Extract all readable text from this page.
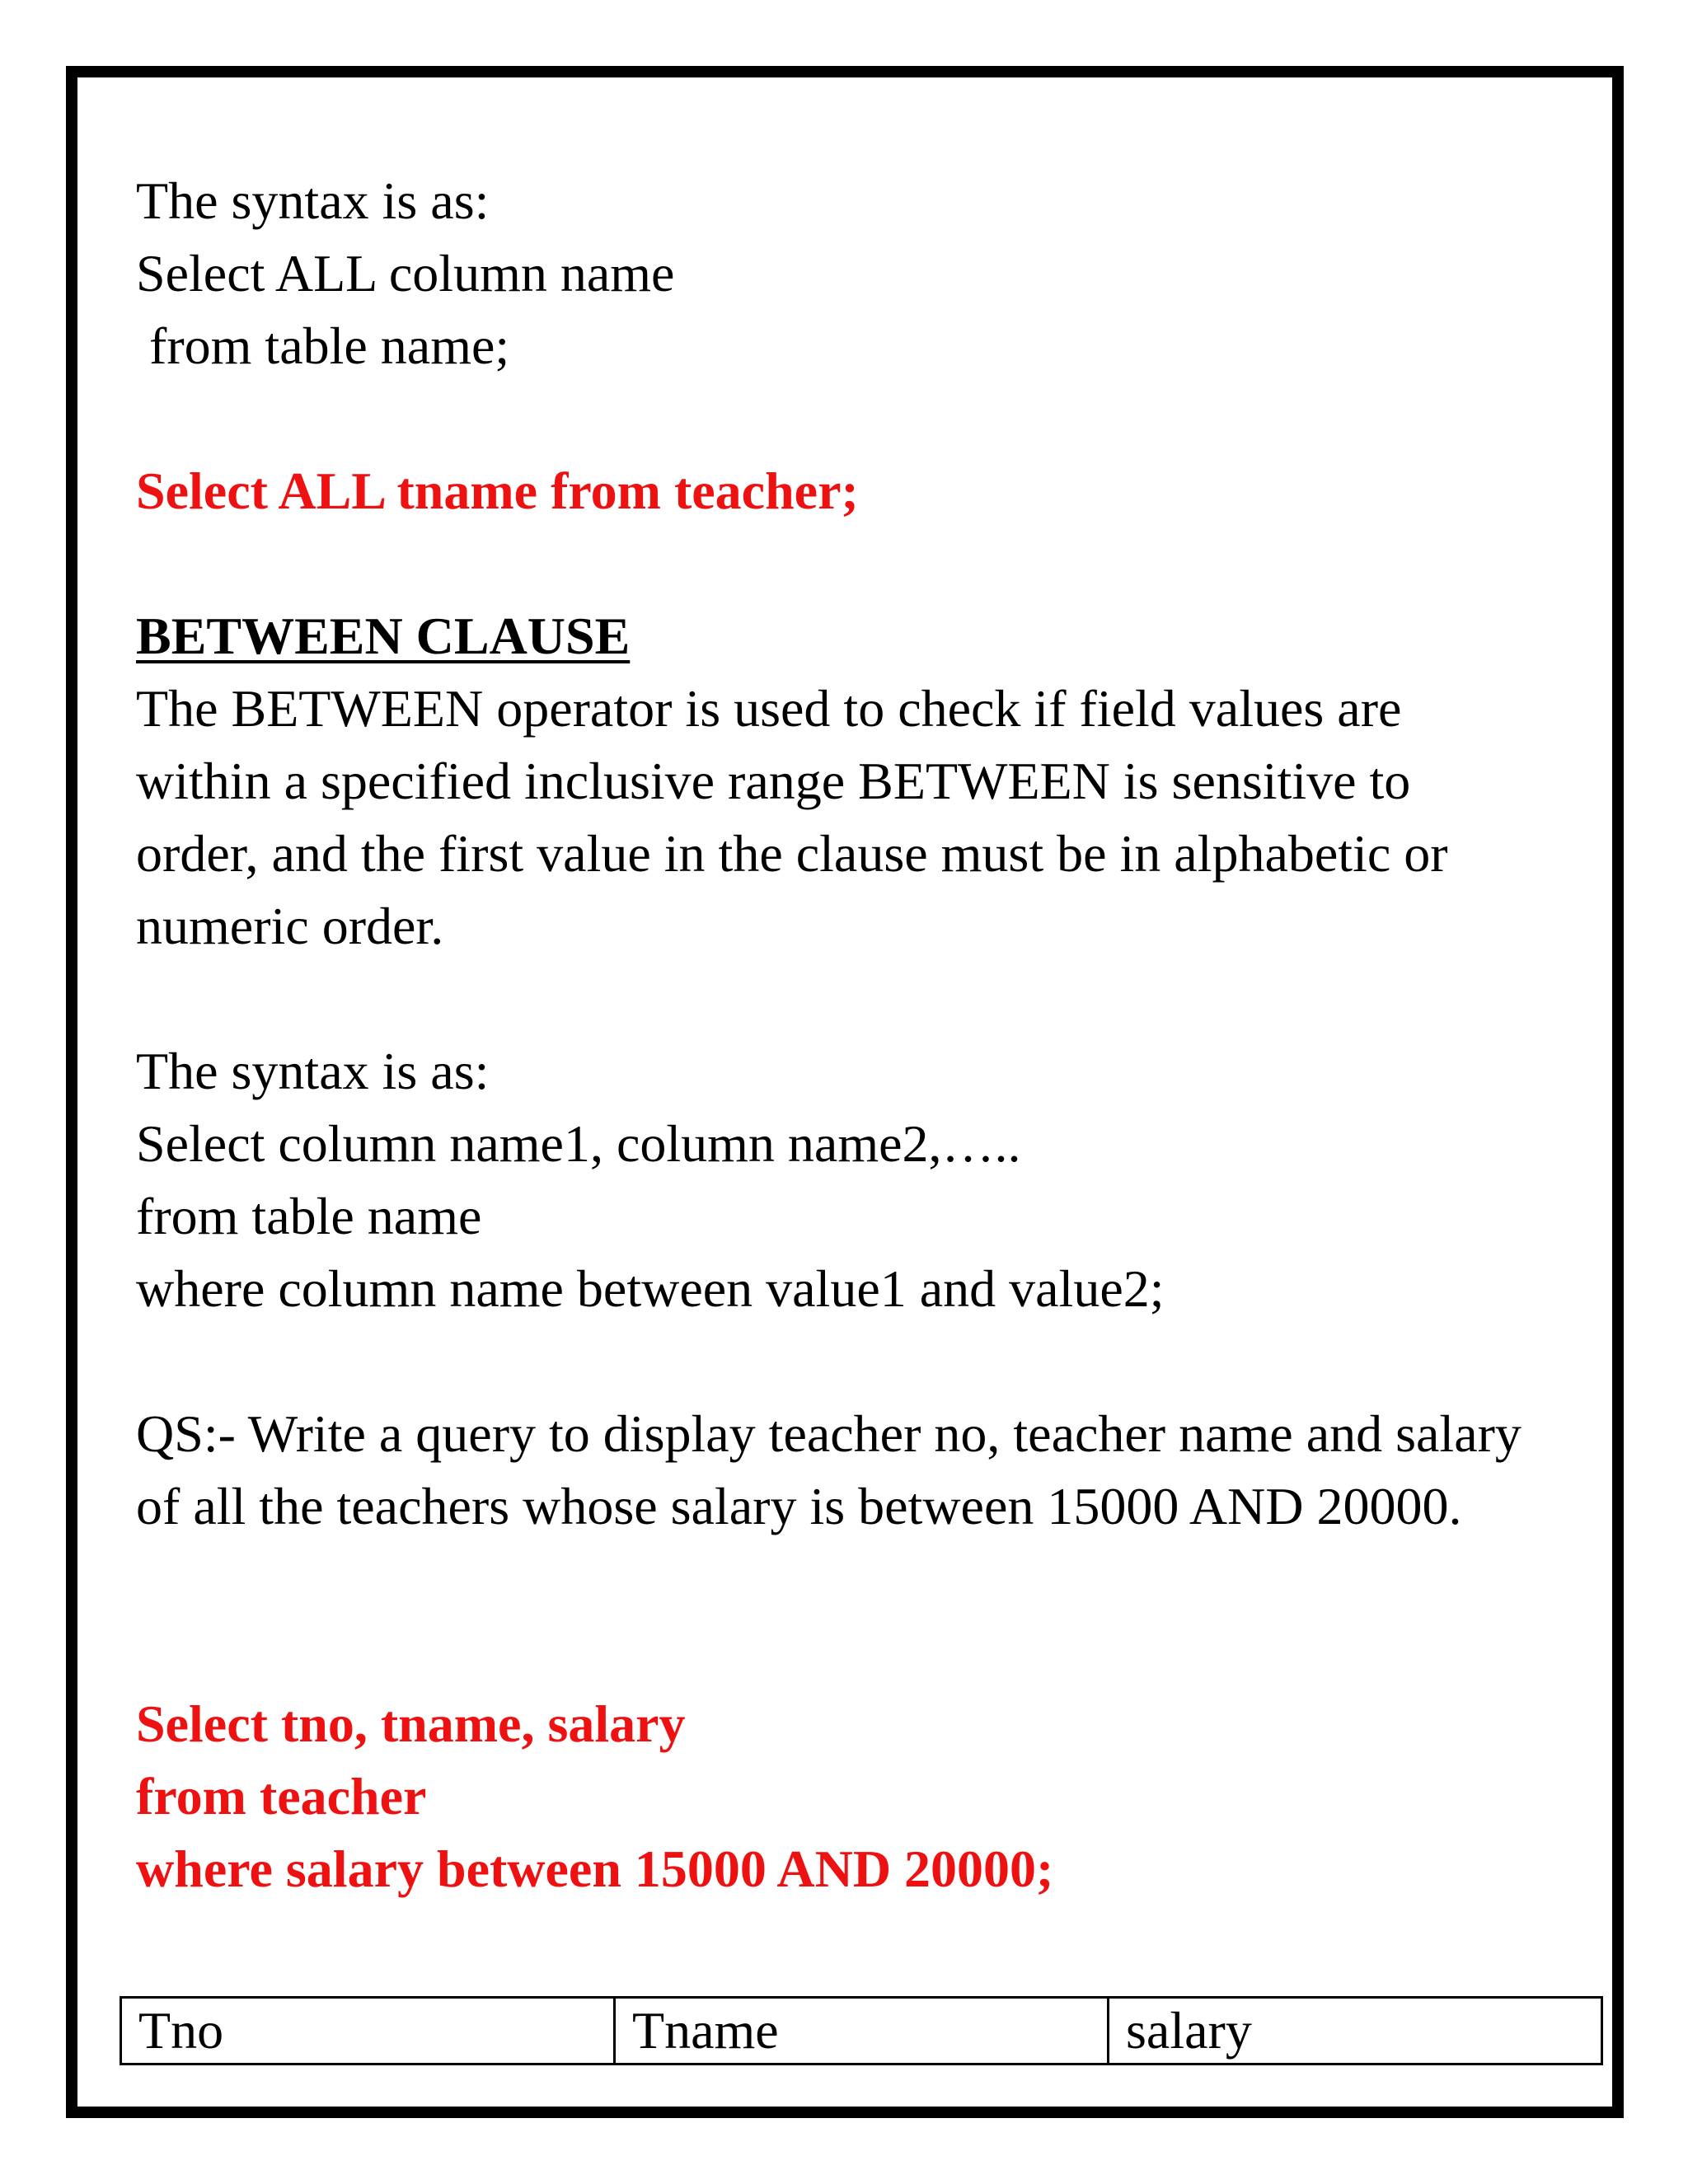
The syntax is as:

Select ALL column name

from table name;

Select ALL tname from teacher;

BETWEEN CLAUSE

The BETWEEN operator is used to check if field values are

within a specified inclusive range BETWEEN is sensitive to

order, and the first value in the clause must be in alphabetic or

numeric order.

The syntax is as:

Select column name1, column name2,…..

from table name

where column name between value1 and value2;

QS:- Write a query to display teacher no, teacher name and salary

of all the teachers whose salary is between 15000 AND 20000.

Select tno, tname, salary

from teacher

where salary between 15000 AND 20000;

Tno	Tname	salary
